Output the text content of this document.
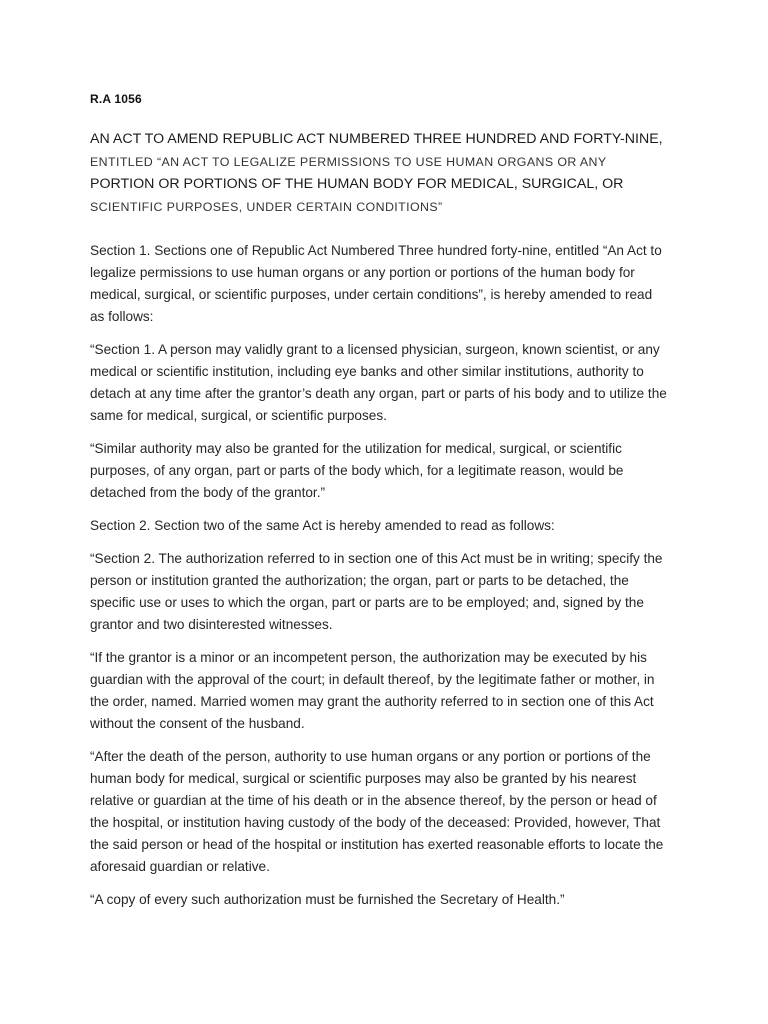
R.A 1056
AN ACT TO AMEND REPUBLIC ACT NUMBERED THREE HUNDRED AND FORTY-NINE,
ENTITLED “AN ACT TO LEGALIZE PERMISSIONS TO USE HUMAN ORGANS OR ANY
PORTION OR PORTIONS OF THE HUMAN BODY FOR MEDICAL, SURGICAL, OR
SCIENTIFIC PURPOSES, UNDER CERTAIN CONDITIONS”

Section 1. Sections one of Republic Act Numbered Three hundred forty-nine, entitled “An Act to
legalize permissions to use human organs or any portion or portions of the human body for
medical, surgical, or scientific purposes, under certain conditions”, is hereby amended to read
as follows:

“Section 1. A person may validly grant to a licensed physician, surgeon, known scientist, or any
medical or scientific institution, including eye banks and other similar institutions, authority to
detach at any time after the grantor’s death any organ, part or parts of his body and to utilize the
same for medical, surgical, or scientific purposes.

“Similar authority may also be granted for the utilization for medical, surgical, or scientific
purposes, of any organ, part or parts of the body which, for a legitimate reason, would be
detached from the body of the grantor.”

Section 2. Section two of the same Act is hereby amended to read as follows:

“Section 2. The authorization referred to in section one of this Act must be in writing; specify the
person or institution granted the authorization; the organ, part or parts to be detached, the
specific use or uses to which the organ, part or parts are to be employed; and, signed by the
grantor and two disinterested witnesses.

“If the grantor is a minor or an incompetent person, the authorization may be executed by his
guardian with the approval of the court; in default thereof, by the legitimate father or mother, in
the order, named. Married women may grant the authority referred to in section one of this Act
without the consent of the husband.

“After the death of the person, authority to use human organs or any portion or portions of the
human body for medical, surgical or scientific purposes may also be granted by his nearest
relative or guardian at the time of his death or in the absence thereof, by the person or head of
the hospital, or institution having custody of the body of the deceased: Provided, however, That
the said person or head of the hospital or institution has exerted reasonable efforts to locate the
aforesaid guardian or relative.

“A copy of every such authorization must be furnished the Secretary of Health.”
